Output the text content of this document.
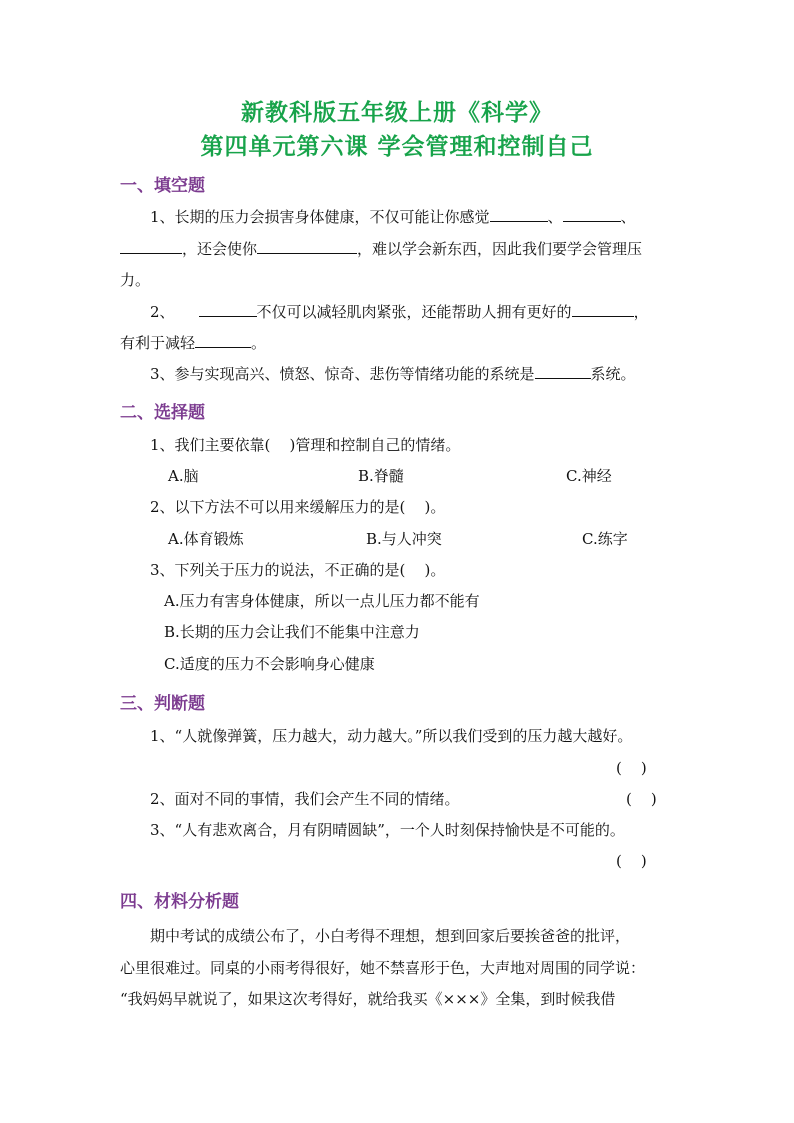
新教科版五年级上册《科学》
第四单元第六课 学会管理和控制自己
一、填空题
1、长期的压力会损害身体健康，不仅可能让你感觉	、	、
，还会使你	，难以学会新东西，因此我们要学会管理压
力。
2、	不仅可以减轻肌肉紧张，还能帮助人拥有更好的	，
有利于减轻	。
3、参与实现高兴、愤怒、惊奇、悲伤等情绪功能的系统是	系统。
二、选择题
1、我们主要依靠(    )管理和控制自己的情绪。
A.脑	B.脊髓	C.神经
2、以下方法不可以用来缓解压力的是(    )。
A.体育锻炼	B.与人冲突	C.练字
3、下列关于压力的说法，不正确的是(    )。
A.压力有害身体健康，所以一点儿压力都不能有
B.长期的压力会让我们不能集中注意力
C.适度的压力不会影响身心健康
三、判断题
1、“人就像弹簧，压力越大，动力越大。”所以我们受到的压力越大越好。
(    )
2、面对不同的事情，我们会产生不同的情绪。	(    )
3、“人有悲欢离合，月有阴晴圆缺”，一个人时刻保持愉快是不可能的。
(    )
四、材料分析题
期中考试的成绩公布了，小白考得不理想，想到回家后要挨爸爸的批评，
心里很难过。同桌的小雨考得很好，她不禁喜形于色，大声地对周围的同学说：
“我妈妈早就说了，如果这次考得好，就给我买《×××》全集，到时候我借
